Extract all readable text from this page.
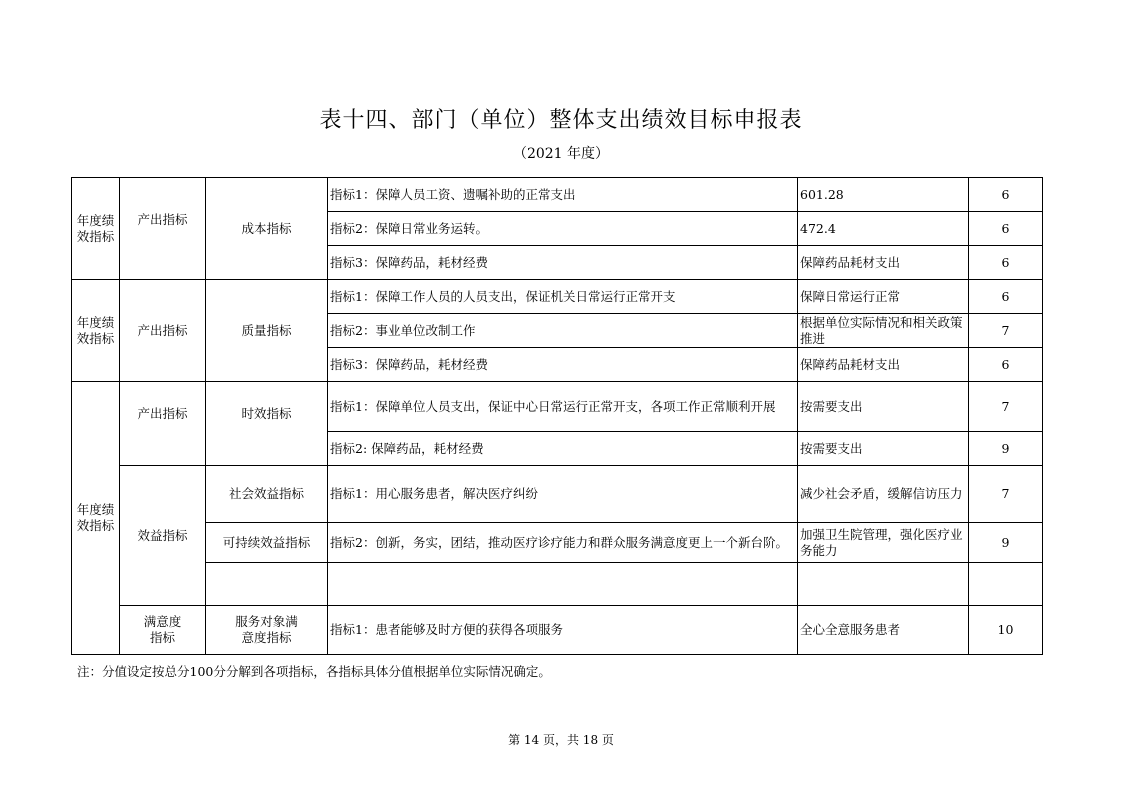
表十四、部门（单位）整体支出绩效目标申报表
（2021 年度）
年度绩效指标	产出指标	成本指标	指标1：保障人员工资、遗嘱补助的正常支出	601.28	6
			指标2：保障日常业务运转。	472.4	6
			指标3：保障药品，耗材经费	保障药品耗材支出	6
年度绩效指标	产出指标	质量指标	指标1：保障工作人员的人员支出，保证机关日常运行正常开支	保障日常运行正常	6
			指标2：事业单位改制工作	根据单位实际情况和相关政策推进	7
			指标3：保障药品，耗材经费	保障药品耗材支出	6
年度绩效指标	产出指标	时效指标	指标1：保障单位人员支出，保证中心日常运行正常开支，各项工作正常顺利开展	按需要支出	7
			指标2: 保障药品，耗材经费	按需要支出	9
	效益指标	社会效益指标	指标1：用心服务患者，解决医疗纠纷	减少社会矛盾，缓解信访压力	7
		可持续效益指标	指标2：创新，务实，团结，推动医疗诊疗能力和群众服务满意度更上一个新台阶。	加强卫生院管理，强化医疗业务能力	9

	满意度指标	服务对象满意度指标	指标1：患者能够及时方便的获得各项服务	全心全意服务患者	10
注：分值设定按总分100分分解到各项指标，各指标具体分值根据单位实际情况确定。
第 14 页，共 18 页
